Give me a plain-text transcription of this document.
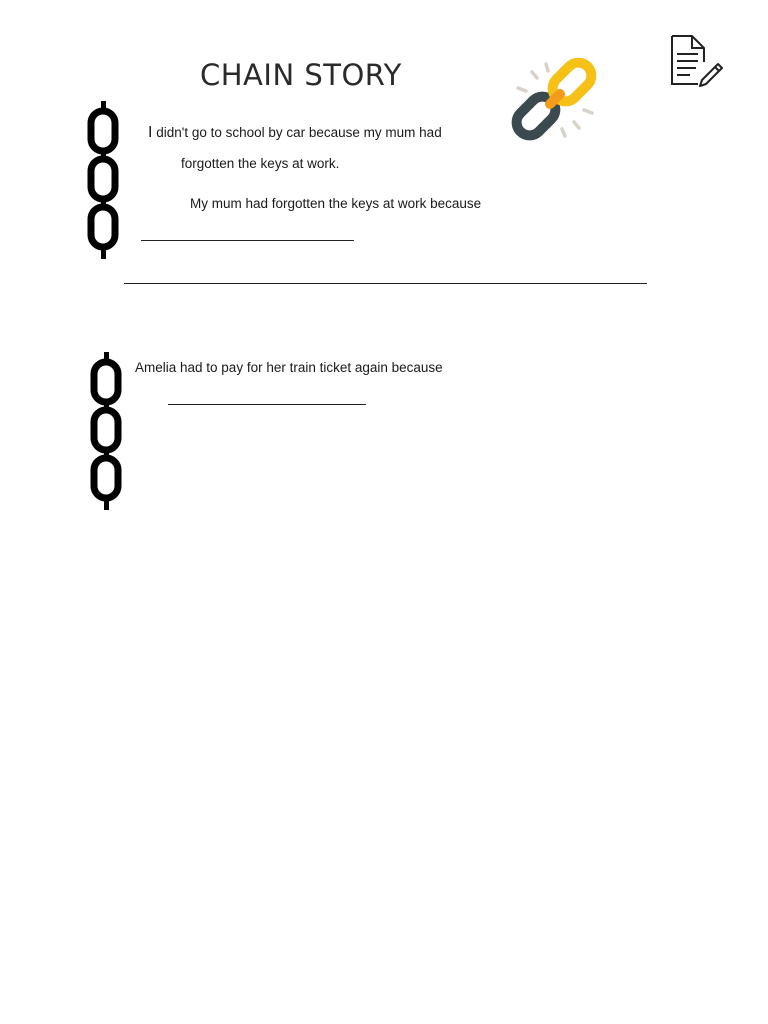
CHAIN STORY
I didn't go to school by car because my mum had
forgotten the keys at work.
My mum had forgotten the keys at work because
Amelia had to pay for her train ticket again because
